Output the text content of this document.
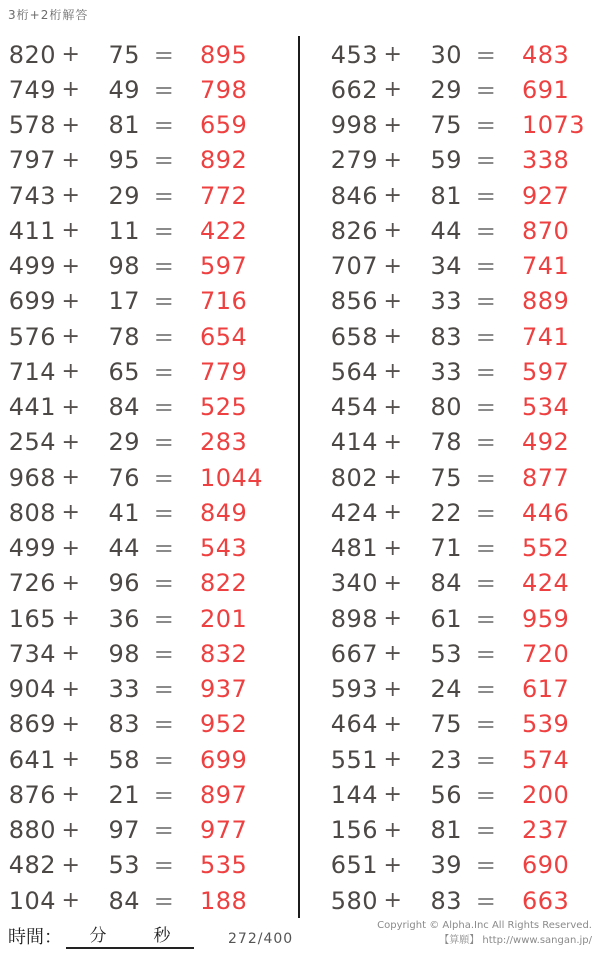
3桁+2桁解答
820 +	75 =	895
749 +	49 =	798
578 +	81 =	659
797 +	95 =	892
743 +	29 =	772
411 +	11 =	422
499 +	98 =	597
699 +	17 =	716
576 +	78 =	654
714 +	65 =	779
441 +	84 =	525
254 +	29 =	283
968 +	76 =	1044
808 +	41 =	849
499 +	44 =	543
726 +	96 =	822
165 +	36 =	201
734 +	98 =	832
904 +	33 =	937
869 +	83 =	952
641 +	58 =	699
876 +	21 =	897
880 +	97 =	977
482 +	53 =	535
104 +	84 =	188
453 +	30 =	483
662 +	29 =	691
998 +	75 =	1073
279 +	59 =	338
846 +	81 =	927
826 +	44 =	870
707 +	34 =	741
856 +	33 =	889
658 +	83 =	741
564 +	33 =	597
454 +	80 =	534
414 +	78 =	492
802 +	75 =	877
424 +	22 =	446
481 +	71 =	552
340 +	84 =	424
898 +	61 =	959
667 +	53 =	720
593 +	24 =	617
464 +	75 =	539
551 +	23 =	574
144 +	56 =	200
156 +	81 =	237
651 +	39 =	690
580 +	83 =	663
時間： 分	秒	272/400
Copyright © Alpha.Inc All Rights Reserved.
【算願】 http://www.sangan.jp/
